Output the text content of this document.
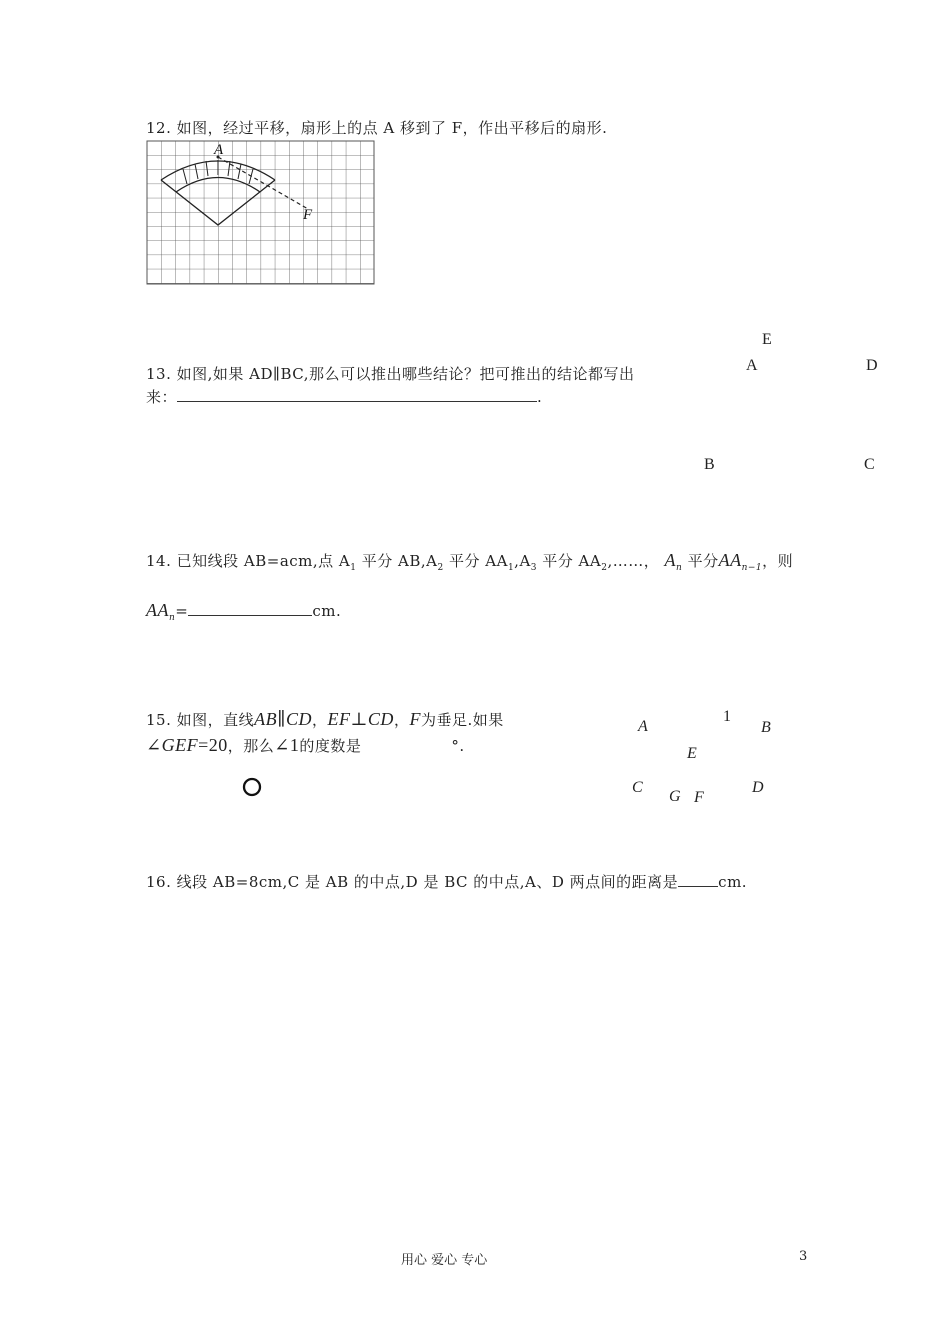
12. 如图，经过平移，扇形上的点 A 移到了 F，作出平移后的扇形.
A
F
13. 如图,如果 AD∥BC,那么可以推出哪些结论？把可推出的结论都写出
来：	.
E
A	D
B	C
14. 已知线段 AB=acm,点 $A_1$ 平分 $AB,A_2$ 平分 $AA_1,A_3$ 平分 $AA_2,\dots\dots$， $A_n$ 平分$AA_{n-1}$，则
$AA_n=$	cm.
15. 如图，直线AB∥CD，EF⊥CD，F为垂足.如果
∠GEF=20，那么∠1的度数是	°.
A
1
B
E
C
G F
D
16. 线段 AB=8cm,C 是 AB 的中点,D 是 BC 的中点,A、D 两点间的距离是	cm.
用心 爱心 专心	3
